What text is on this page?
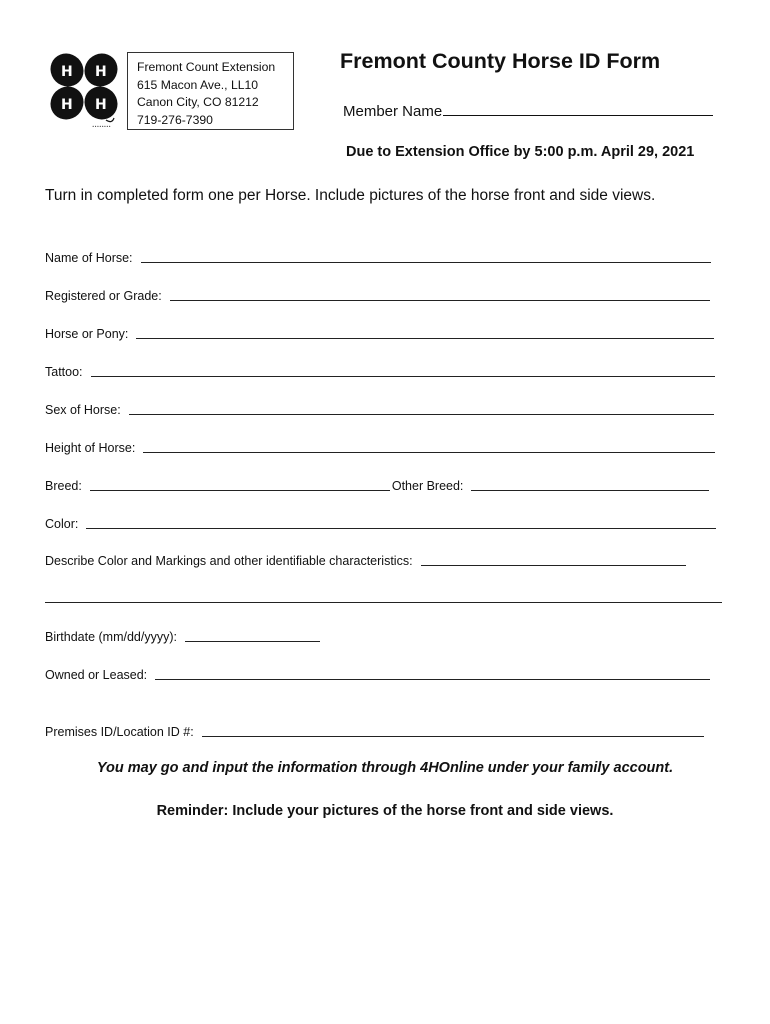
H H
H H
••••••••
Fremont Count Extension
615 Macon Ave., LL10
Canon City, CO 81212
719-276-7390
Fremont County Horse ID Form
Member Name
Due to Extension Office by 5:00 p.m. April 29, 2021
Turn in completed form one per Horse. Include pictures of the horse front and side views.
Name of Horse:
Registered or Grade:
Horse or Pony:
Tattoo:
Sex of Horse:
Height of Horse:
Breed:	Other Breed:
Color:
Describe Color and Markings and other identifiable characteristics:
Birthdate (mm/dd/yyyy):
Owned or Leased:
Premises ID/Location ID #:
You may go and input the information through 4HOnline under your family account.
Reminder: Include your pictures of the horse front and side views.
